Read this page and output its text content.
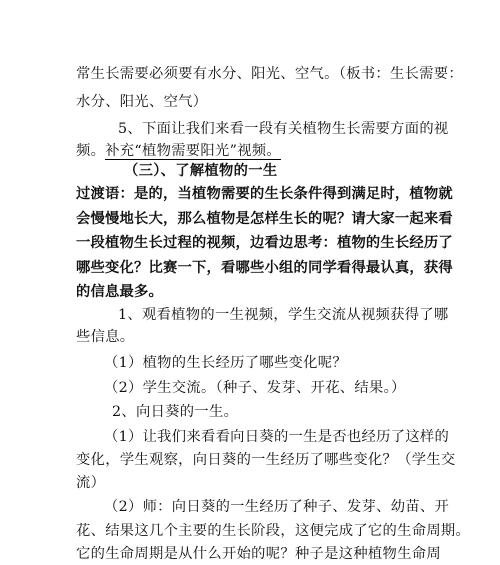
常生长需要必须要有水分、阳光、空气。（板书：生长需要：
水分、阳光、空气）
5、下面让我们来看一段有关植物生长需要方面的视
频。补充“植物需要阳光”视频。
（三）、了解植物的一生
过渡语：是的，当植物需要的生长条件得到满足时，植物就
会慢慢地长大，那么植物是怎样生长的呢？请大家一起来看
一段植物生长过程的视频，边看边思考：植物的生长经历了
哪些变化？比赛一下，看哪些小组的同学看得最认真，获得
的信息最多。
1、观看植物的一生视频，学生交流从视频获得了哪
些信息。
（1）植物的生长经历了哪些变化呢？
（2）学生交流。（种子、发芽、开花、结果。）
2、向日葵的一生。
（1）让我们来看看向日葵的一生是否也经历了这样的
变化，学生观察，向日葵的一生经历了哪些变化？（学生交
流）
（2）师：向日葵的一生经历了种子、发芽、幼苗、开
花、结果这几个主要的生长阶段，这便完成了它的生命周期。
它的生命周期是从什么开始的呢？种子是这种植物生命周
